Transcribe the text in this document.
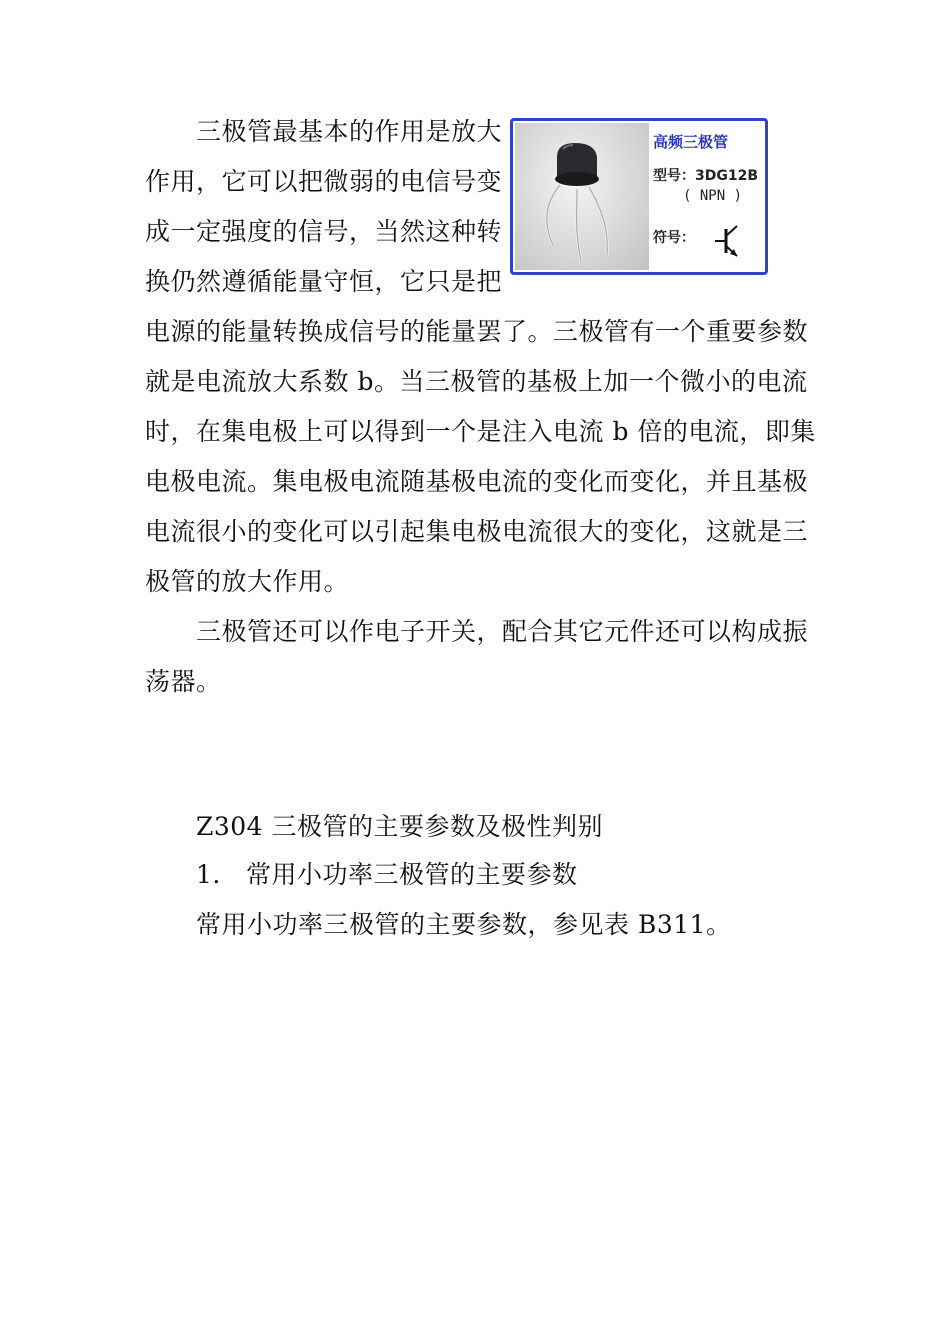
三极管最基本的作用是放大
作用，它可以把微弱的电信号变
成一定强度的信号，当然这种转
换仍然遵循能量守恒，它只是把
电源的能量转换成信号的能量罢了。三极管有一个重要参数
就是电流放大系数 b。当三极管的基极上加一个微小的电流
时，在集电极上可以得到一个是注入电流 b 倍的电流，即集
电极电流。集电极电流随基极电流的变化而变化，并且基极
电流很小的变化可以引起集电极电流很大的变化，这就是三
极管的放大作用。
高频三极管
型号：3DG12B
( NPN )
符号：
三极管还可以作电子开关，配合其它元件还可以构成振
荡器。
Z304 三极管的主要参数及极性判别
1. 常用小功率三极管的主要参数
常用小功率三极管的主要参数，参见表 B311。
